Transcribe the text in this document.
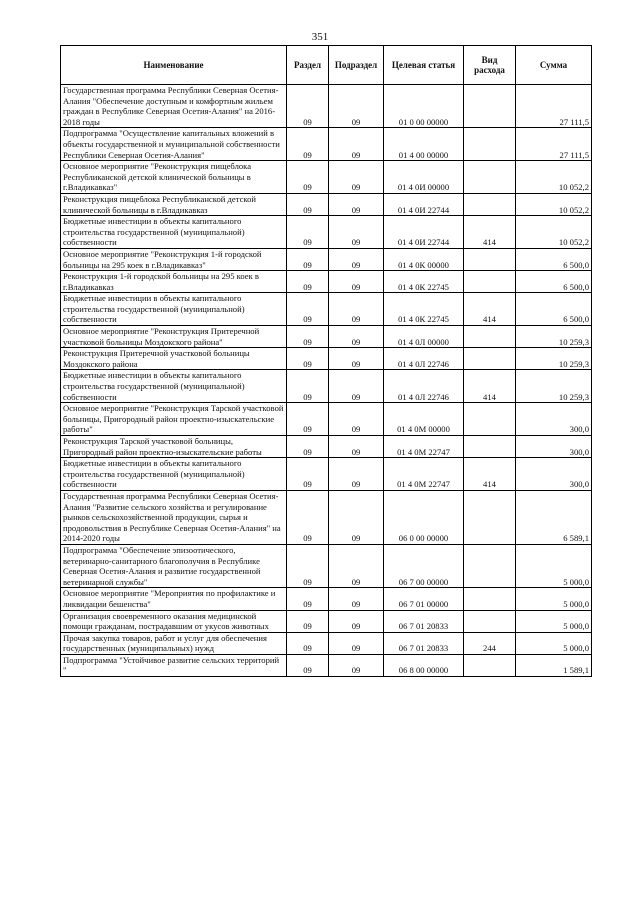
351
Наименование	Раздел	Подраздел	Целевая статья	Вид расхода	Сумма
Государственная программа Республики Северная Осетия-Алания "Обеспечение доступным и комфортным жильем граждан в Республике Северная Осетия-Алания" на 2016-2018 годы	09	09	01 0 00 00000		27 111,5
Подпрограмма "Осуществление капитальных вложений в объекты государственной и муниципальной собственности Республики Северная Осетия-Алания"	09	09	01 4 00 00000		27 111,5
Основное мероприятие "Реконструкция пищеблока Республиканской детской клинической больницы в г.Владикавказ"	09	09	01 4 0И 00000		10 052,2
Реконструкция пищеблока Республиканской детской клинической больницы в г.Владикавказ	09	09	01 4 0И 22744		10 052,2
Бюджетные инвестиции в объекты капитального строительства государственной (муниципальной) собственности	09	09	01 4 0И 22744	414	10 052,2
Основное мероприятие "Реконструкция 1-й городской больницы на 295 коек в г.Владикавказ"	09	09	01 4 0К 00000		6 500,0
Реконструкция 1-й городской больницы на 295 коек в г.Владикавказ	09	09	01 4 0К 22745		6 500,0
Бюджетные инвестиции в объекты капитального строительства государственной (муниципальной) собственности	09	09	01 4 0К 22745	414	6 500,0
Основное мероприятие "Реконструкция Притеречной участковой больницы Моздокского района"	09	09	01 4 0Л 00000		10 259,3
Реконструкция Притеречной участковой больницы Моздокского района	09	09	01 4 0Л 22746		10 259,3
Бюджетные инвестиции в объекты капитального строительства государственной (муниципальной) собственности	09	09	01 4 0Л 22746	414	10 259,3
Основное мероприятие "Реконструкция Тарской участковой больницы, Пригородный район проектно-изыскательские работы"	09	09	01 4 0М 00000		300,0
Реконструкция Тарской участковой больницы, Пригородный район проектно-изыскательские работы	09	09	01 4 0М 22747		300,0
Бюджетные инвестиции в объекты капитального строительства государственной (муниципальной) собственности	09	09	01 4 0М 22747	414	300,0
Государственная программа Республики Северная Осетия-Алания "Развитие сельского хозяйства и регулирование рынков сельскохозяйственной продукции, сырья и продовольствия в Республике Северная Осетия-Алания" на 2014-2020 годы	09	09	06 0 00 00000		6 589,1
Подпрограмма "Обеспечение эпизоотического, ветеринарно-санитарного благополучия в Республике Северная Осетия-Алания и развитие государственной ветеринарной службы"	09	09	06 7 00 00000		5 000,0
Основное мероприятие "Мероприятия по профилактике и ликвидации бешенства"	09	09	06 7 01 00000		5 000,0
Организация своевременного оказания медицинской помощи гражданам, пострадавшим от укусов животных	09	09	06 7 01 20833		5 000,0
Прочая закупка товаров, работ и услуг для обеспечения государственных (муниципальных) нужд	09	09	06 7 01 20833	244	5 000,0
Подпрограмма "Устойчивое развитие сельских территорий "	09	09	06 8 00 00000		1 589,1
